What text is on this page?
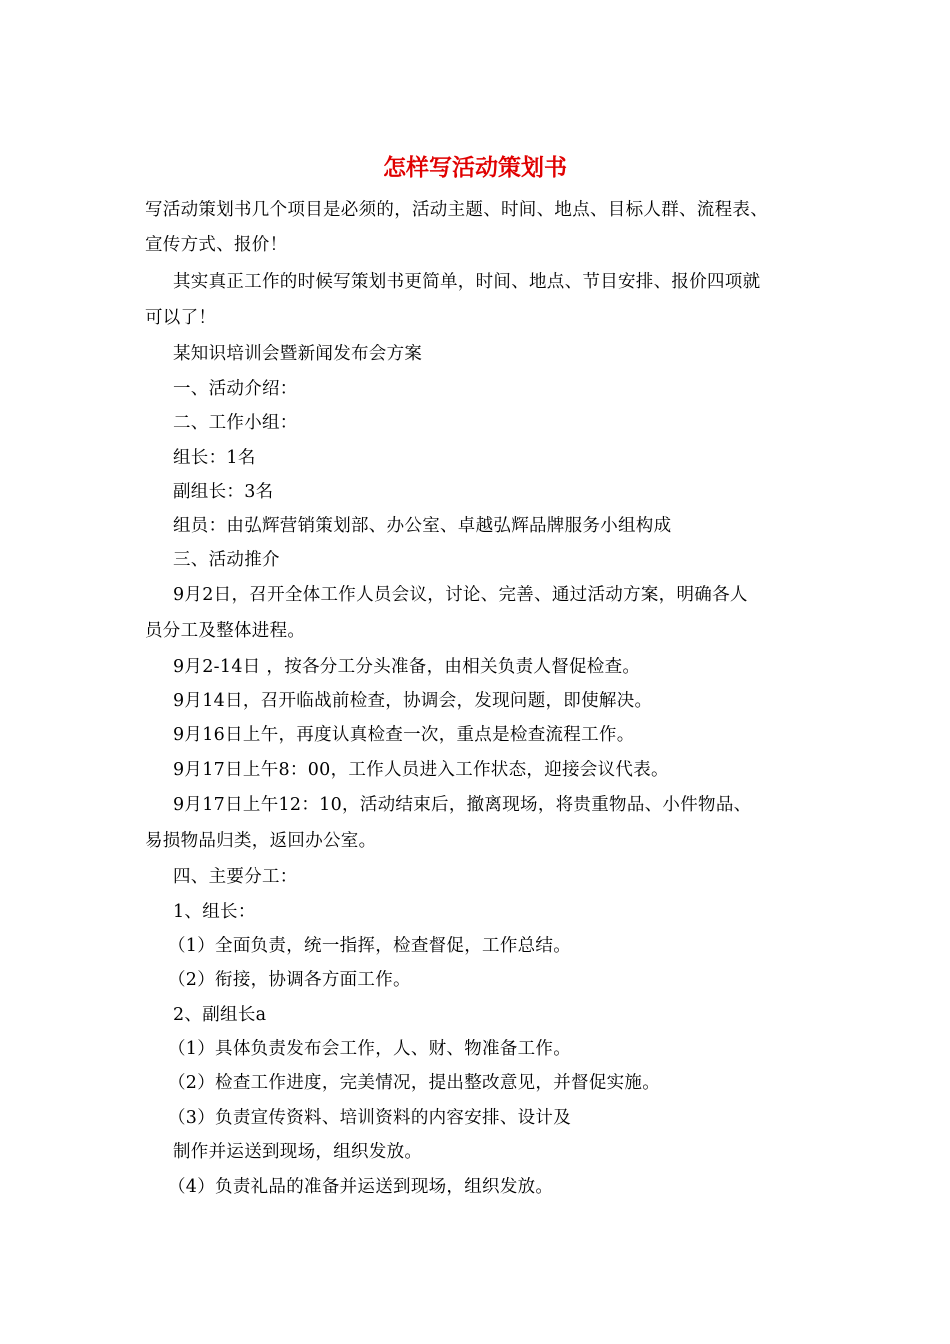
怎样写活动策划书
写活动策划书几个项目是必须的，活动主题、时间、地点、目标人群、流程表、
宣传方式、报价！
其实真正工作的时候写策划书更简单，时间、地点、节目安排、报价四项就
可以了！
某知识培训会暨新闻发布会方案
一、活动介绍：
二、工作小组：
组长：1名
副组长：3名
组员：由弘辉营销策划部、办公室、卓越弘辉品牌服务小组构成
三、活动推介
9月2日，召开全体工作人员会议，讨论、完善、通过活动方案，明确各人
员分工及整体进程。
9月2-14日 ，按各分工分头准备，由相关负责人督促检查。
9月14日，召开临战前检查，协调会，发现问题，即使解决。
9月16日上午，再度认真检查一次，重点是检查流程工作。
9月17日上午8：00，工作人员进入工作状态，迎接会议代表。
9月17日上午12：10，活动结束后，撤离现场，将贵重物品、小件物品、
易损物品归类，返回办公室。
四、主要分工：
1、组长：
（1）全面负责，统一指挥，检查督促，工作总结。
（2）衔接，协调各方面工作。
2、副组长a
（1）具体负责发布会工作，人、财、物准备工作。
（2）检查工作进度，完美情况，提出整改意见，并督促实施。
（3）负责宣传资料、培训资料的内容安排、设计及
制作并运送到现场，组织发放。
（4）负责礼品的准备并运送到现场，组织发放。
